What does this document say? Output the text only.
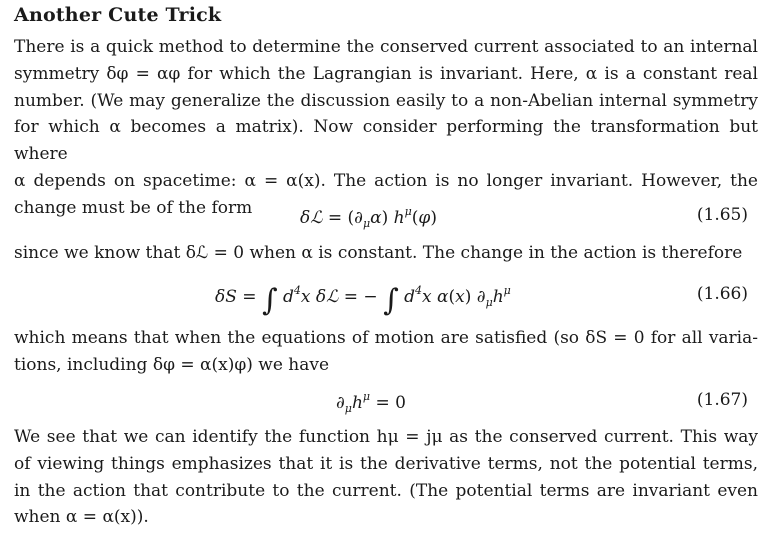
Another Cute Trick

There is a quick method to determine the conserved current associated to an internal

symmetry δφ = αφ for which the Lagrangian is invariant. Here, α is a constant real

number. (We may generalize the discussion easily to a non-Abelian internal symmetry

for which α becomes a matrix). Now consider performing the transformation but where

α depends on spacetime: α = α(x). The action is no longer invariant. However, the

change must be of the form

δℒ = $(\partial_\mu\alpha)$ $h^\mu(\varphi)$	(1.65)

since we know that δℒ = 0 when α is constant. The change in the action is therefore

δS = ∫ $d^4x$ δℒ = − ∫ $d^4x$ α(x) $\partial_\mu h^\mu$	(1.66)

which means that when the equations of motion are satisfied (so δS = 0 for all varia-

tions, including δφ = α(x)φ) we have

$\partial_\mu h^\mu = 0$	(1.67)

We see that we can identify the function hμ = jμ as the conserved current. This way

of viewing things emphasizes that it is the derivative terms, not the potential terms,

in the action that contribute to the current. (The potential terms are invariant even

when α = α(x)).
